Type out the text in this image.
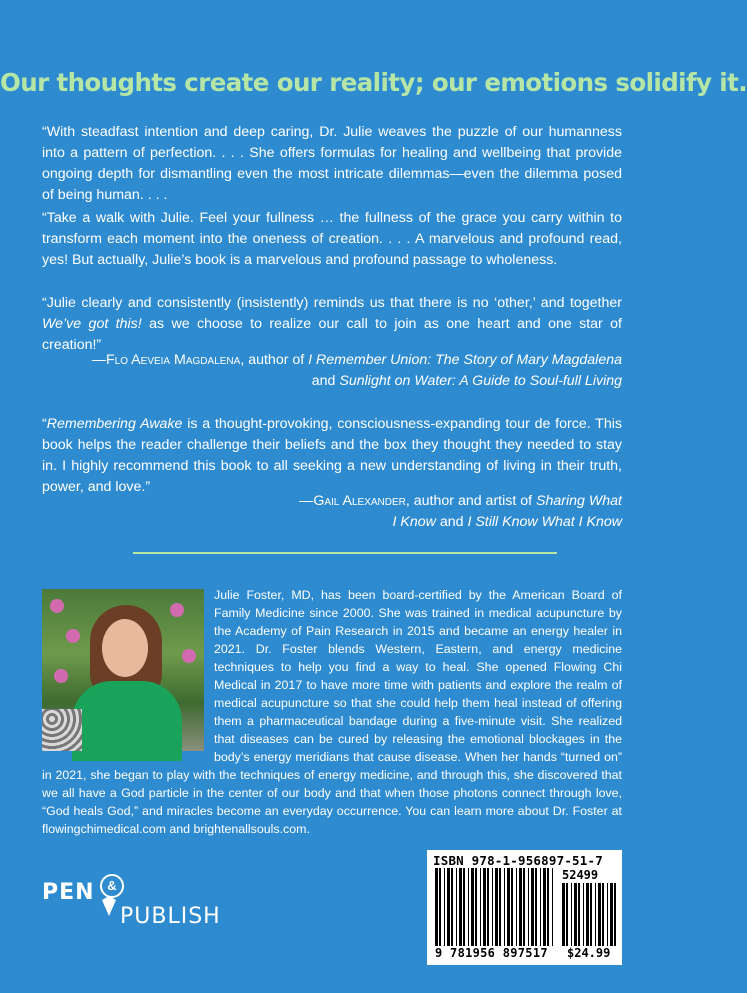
Our thoughts create our reality; our emotions solidify it.
“With steadfast intention and deep caring, Dr. Julie weaves the puzzle of our humanness into a pattern of perfection. . . . She offers formulas for healing and wellbeing that provide ongoing depth for dismantling even the most intricate dilemmas—even the dilemma posed of being human. . . .
“Take a walk with Julie. Feel your fullness … the fullness of the grace you carry within to transform each moment into the oneness of creation. . . . A marvelous and profound read, yes! But actually, Julie’s book is a marvelous and profound passage to wholeness.
“Julie clearly and consistently (insistently) reminds us that there is no ‘other,’ and together We’ve got this! as we choose to realize our call to join as one heart and one star of creation!”
—Flo Aeveia Magdalena, author of I Remember Union: The Story of Mary Magdalena
and Sunlight on Water: A Guide to Soul-full Living
“Remembering Awake is a thought-provoking, consciousness-expanding tour de force. This book helps the reader challenge their beliefs and the box they thought they needed to stay in. I highly recommend this book to all seeking a new understanding of living in their truth, power, and love.”
—Gail Alexander, author and artist of Sharing What
I Know and I Still Know What I Know
Julie Foster, MD, has been board-certified by the American Board of Family Medicine since 2000. She was trained in medical acupuncture by the Academy of Pain Research in 2015 and became an energy healer in 2021. Dr. Foster blends Western, Eastern, and energy medicine techniques to help you find a way to heal. She opened Flowing Chi Medical in 2017 to have more time with patients and explore the realm of medical acupuncture so that she could help them heal instead of offering them a pharmaceutical bandage during a five-minute visit. She realized that diseases can be cured by releasing the emotional blockages in the body’s energy meridians that cause disease. When her hands “turned on” in 2021, she began to play with the techniques of energy medicine, and through this, she discovered that we all have a God particle in the center of our body and that when those photons connect through love, “God heals God,” and miracles become an everyday occurrence. You can learn more about Dr. Foster at flowingchimedical.com and brightenallsouls.com.
PEN &
PUBLISH
ISBN 978-1-956897-51-7
52499
9 781956 897517 $24.99
